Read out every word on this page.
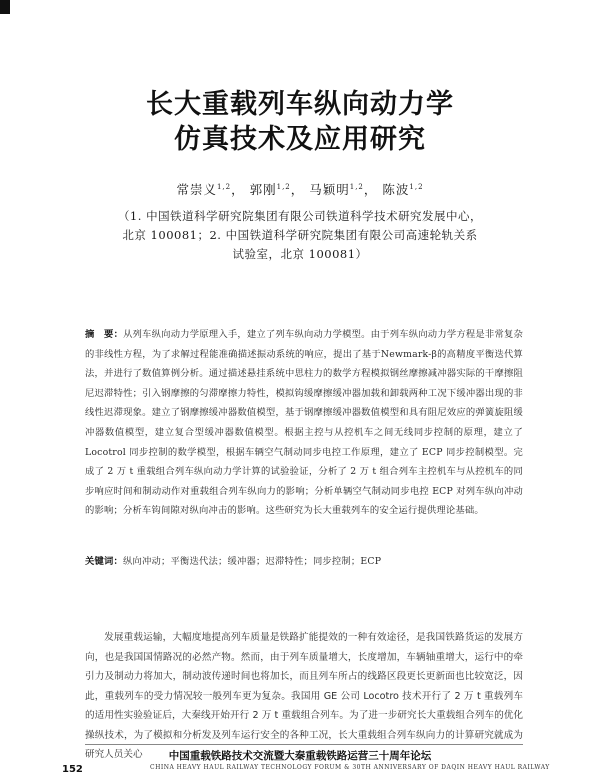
长大重载列车纵向动力学
仿真技术及应用研究
常崇义$^{1,2}$， 郭刚$^{1,2}$， 马颖明$^{1,2}$， 陈波$^{1,2}$
（1. 中国铁道科学研究院集团有限公司铁道科学技术研究发展中心，
北京 100081；2. 中国铁道科学研究院集团有限公司高速轮轨关系
试验室，北京 100081）
摘　要：从列车纵向动力学原理入手，建立了列车纵向动力学模型。由于列车纵向动力学方程是非常复杂的非线性方程，为了求解过程能准确描述振动系统的响应，提出了基于Newmark-β的高精度平衡迭代算法，并进行了数值算例分析。通过描述悬挂系统中思柱力的数学方程模拟钢丝摩擦减冲器实际的干摩擦阻尼迟滞特性；引入钢摩擦的匀滞摩擦力特性，模拟钩缓摩擦缓冲器加载和卸载两种工况下缓冲器出现的非线性迟滞现象。建立了钢摩擦缓冲器数值模型，基于钢摩擦缓冲器数值模型和具有阻尼效应的弹簧旋阻缓冲器数值模型，建立复合型缓冲器数值模型。根据主控与从控机车之间无线同步控制的原理，建立了 Locotrol 同步控制的数学模型，根据车辆空气制动同步电控工作原理，建立了 ECP 同步控制模型。完成了 2 万 t 重载组合列车纵向动力学计算的试验验证，分析了 2 万 t 组合列车主控机车与从控机车的同步响应时间和制动动作对重载组合列车纵向力的影响；分析单辆空气制动同步电控 ECP 对列车纵向冲动的影响；分析车钩间隙对纵向冲击的影响。这些研究为长大重载列车的安全运行提供理论基础。
关键词：纵向冲动；平衡迭代法；缓冲器；迟滞特性；同步控制；ECP
发展重载运输，大幅度地提高列车质量是铁路扩能提效的一种有效途径，是我国铁路货运的发展方向，也是我国国情路况的必然产物。然而，由于列车质量增大，长度增加，车辆轴重增大，运行中的牵引力及制动力将加大，制动波传递时间也将加长，而且列车所占的线路区段更长更新面也比较宽泛，因此，重载列车的受力情况较一般列车更为复杂。我国用 GE 公司 Locotro 技术开行了 2 万 t 重载列车的适用性实验验证后，大秦线开始开行 2 万 t 重载组合列车。为了进一步研究长大重载组合列车的优化操纵技术，为了模拟和分析发及列车运行安全的各种工况，长大重载组合列车纵向力的计算研究就成为研究人员关心	中国重载铁路技术交流暨大秦重载铁路运营三十周年论坛
152	CHINA HEAVY HAUL RAILWAY TECHNOLOGY FORUM & 30TH ANNIVERSARY OF DAQIN HEAVY HAUL RAILWAY
